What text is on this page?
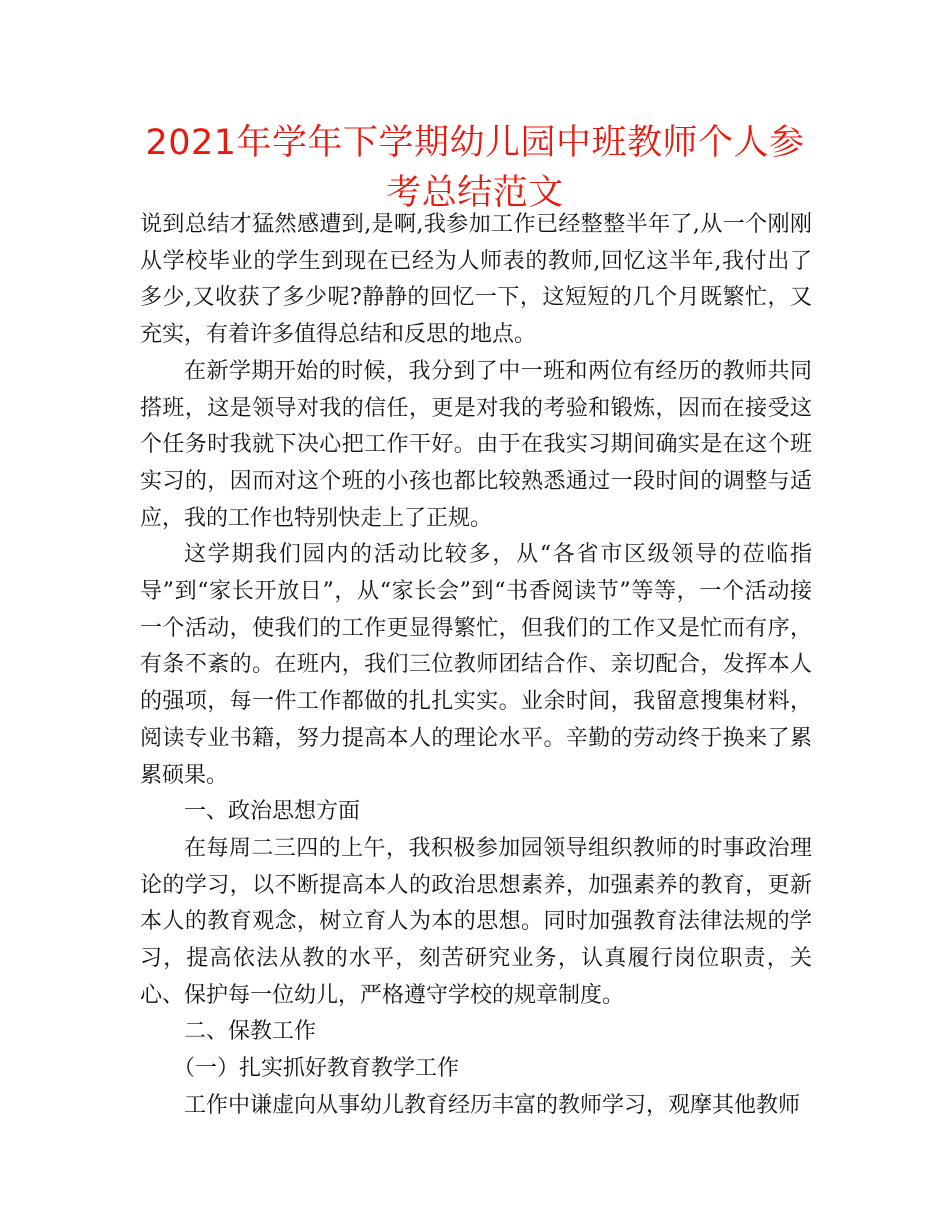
2021年学年下学期幼儿园中班教师个人参考总结范文

说到总结才猛然感遭到,是啊,我参加工作已经整整半年了,从一个刚刚从学校毕业的学生到现在已经为人师表的教师,回忆这半年,我付出了多少,又收获了多少呢?静静的回忆一下，这短短的几个月既繁忙，又充实，有着许多值得总结和反思的地点。

在新学期开始的时候，我分到了中一班和两位有经历的教师共同搭班，这是领导对我的信任，更是对我的考验和锻炼，因而在接受这个任务时我就下决心把工作干好。由于在我实习期间确实是在这个班实习的，因而对这个班的小孩也都比较熟悉通过一段时间的调整与适应，我的工作也特别快走上了正规。

这学期我们园内的活动比较多，从“各省市区级领导的莅临指导”到“家长开放日”，从“家长会”到“书香阅读节”等等，一个活动接一个活动，使我们的工作更显得繁忙，但我们的工作又是忙而有序，有条不紊的。在班内，我们三位教师团结合作、亲切配合，发挥本人的强项，每一件工作都做的扎扎实实。业余时间，我留意搜集材料，阅读专业书籍，努力提高本人的理论水平。辛勤的劳动终于换来了累累硕果。

一、政治思想方面

在每周二三四的上午，我积极参加园领导组织教师的时事政治理论的学习，以不断提高本人的政治思想素养，加强素养的教育，更新本人的教育观念，树立育人为本的思想。同时加强教育法律法规的学习，提高依法从教的水平，刻苦研究业务，认真履行岗位职责，关心、保护每一位幼儿，严格遵守学校的规章制度。

二、保教工作

（一）扎实抓好教育教学工作

工作中谦虚向从事幼儿教育经历丰富的教师学习，观摩其他教师
